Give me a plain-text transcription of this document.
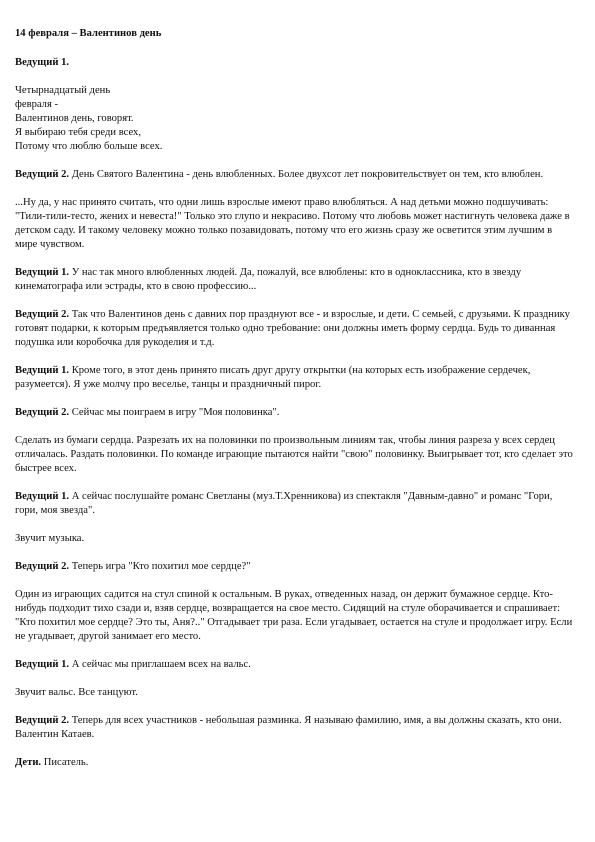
14 февраля – Валентинов день

Ведущий 1.

Четырнадцатый день
февраля -
Валентинов день, говорят.
Я выбираю тебя среди всех,
Потому что люблю больше всех.

Ведущий 2. День Святого Валентина - день влюбленных. Более двухсот лет покровительствует он тем, кто влюблен.

...Ну да, у нас принято считать, что одни лишь взрослые имеют право влюбляться. А над детьми можно подшучивать: "Тили-тили-тесто, жених и невеста!" Только это глупо и некрасиво. Потому что любовь может настигнуть человека даже в детском саду. И такому человеку можно только позавидовать, потому что его жизнь сразу же осветится этим лучшим в мире чувством.

Ведущий 1. У нас так много влюбленных людей. Да, пожалуй, все влюблены: кто в одноклассника, кто в звезду кинематографа или эстрады, кто в свою профессию...

Ведущий 2. Так что Валентинов день с давних пор празднуют все - и взрослые, и дети. С семьей, с друзьями. К празднику готовят подарки, к которым предъявляется только одно требование: они должны иметь форму сердца. Будь то диванная подушка или коробочка для рукоделия и т.д.

Ведущий 1. Кроме того, в этот день принято писать друг другу открытки (на которых есть изображение сердечек, разумеется). Я уже молчу про веселье, танцы и праздничный пирог.

Ведущий 2. Сейчас мы поиграем в игру "Моя половинка".

Сделать из бумаги сердца. Разрезать их на половинки по произвольным линиям так, чтобы линия разреза у всех сердец отличалась. Раздать половинки. По команде играющие пытаются найти "свою" половинку. Выигрывает тот, кто сделает это быстрее всех.

Ведущий 1. А сейчас послушайте романс Светланы (муз.Т.Хренникова) из спектакля "Давным-давно" и романс "Гори, гори, моя звезда".

Звучит музыка.

Ведущий 2. Теперь игра "Кто похитил мое сердце?"

Один из играющих садится на стул спиной к остальным. В руках, отведенных назад, он держит бумажное сердце. Кто-нибудь подходит тихо сзади и, взяв сердце, возвращается на свое место. Сидящий на стуле оборачивается и спрашивает: "Кто похитил мое сердце? Это ты, Аня?.." Отгадывает три раза. Если угадывает, остается на стуле и продолжает игру. Если не угадывает, другой занимает его место.

Ведущий 1. А сейчас мы приглашаем всех на вальс.

Звучит вальс. Все танцуют.

Ведущий 2. Теперь для всех участников - небольшая разминка. Я называю фамилию, имя, а вы должны сказать, кто они. Валентин Катаев.

Дети. Писатель.
